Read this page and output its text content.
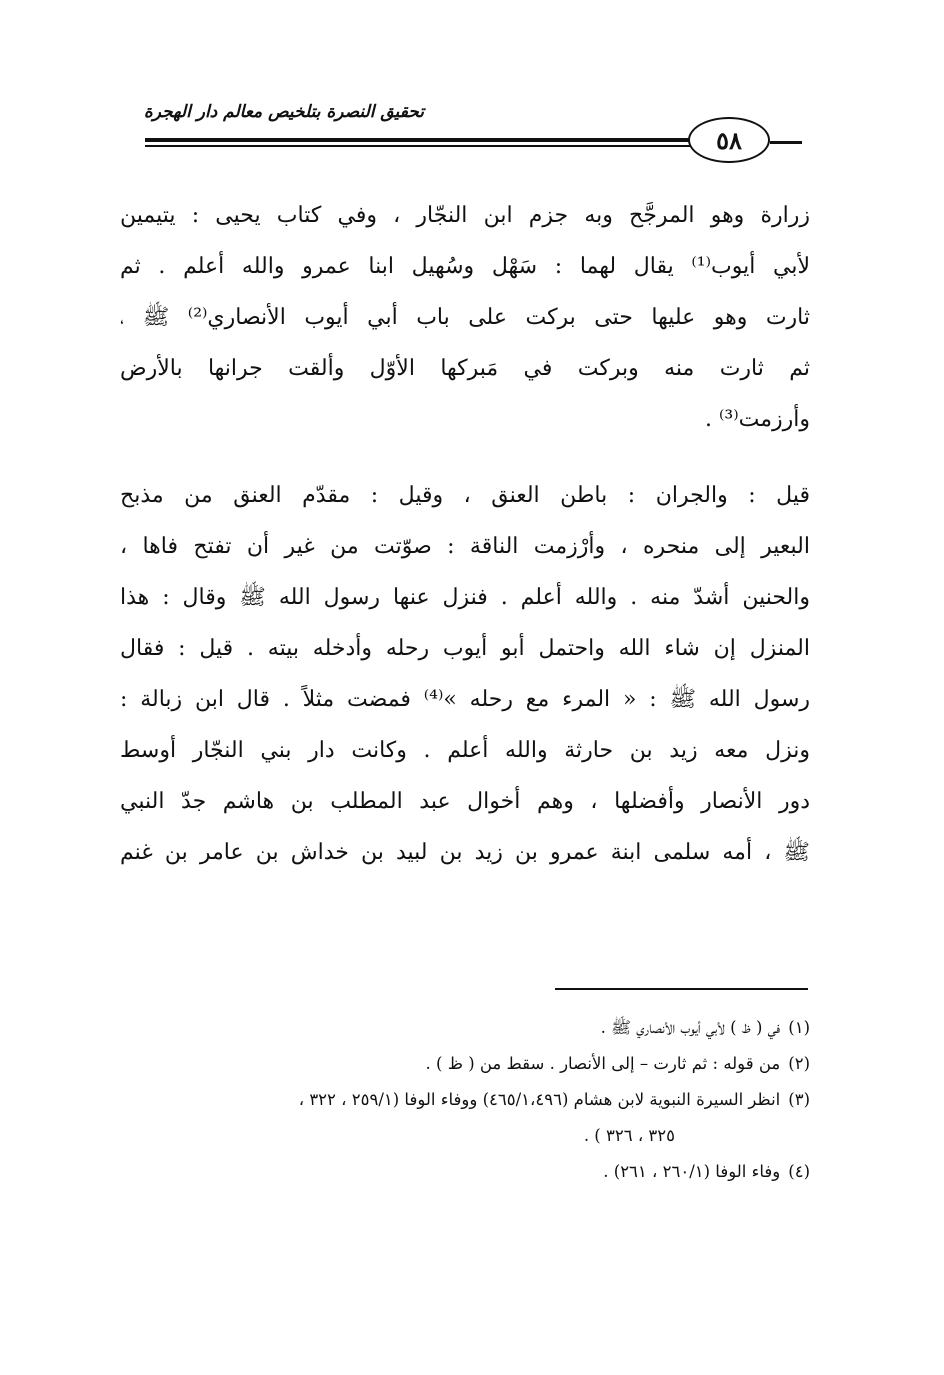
تحقيق النصرة بتلخيص معالم دار الهجرة
٥٨
زرارة وهو المرجَّح وبه جزم ابن النجّار ، وفي كتاب يحيى : يتيمين
لأبي أيوب⁽¹⁾ يقال لهما : سَهْل وسُهيل ابنا عمرو والله أعلم . ثم
ثارت وهو عليها حتى بركت على باب أبي أيوب الأنصاري⁽²⁾ ﷺ ،
ثم ثارت منه وبركت في مَبركها الأوّل وألقت جرانها بالأرض
وأرزمت⁽³⁾ .
قيل : والجران : باطن العنق ، وقيل : مقدّم العنق من مذبح
البعير إلى منحره ، وأرْزمت الناقة : صوّتت من غير أن تفتح فاها ،
والحنين أشدّ منه . والله أعلم . فنزل عنها رسول الله ﷺ وقال : هذا
المنزل إن شاء الله واحتمل أبو أيوب رحله وأدخله بيته . قيل : فقال
رسول الله ﷺ : « المرء مع رحله »⁽⁴⁾ فمضت مثلاً . قال ابن زبالة :
ونزل معه زيد بن حارثة والله أعلم . وكانت دار بني النجّار أوسط
دور الأنصار وأفضلها ، وهم أخوال عبد المطلب بن هاشم جدّ النبي
ﷺ ، أمه سلمى ابنة عمرو بن زيد بن لبيد بن خداش بن عامر بن غنم
(١)في ( ظ ) لأبي أيوب الأنصاري ﷺ .
(٢)من قوله : ثم ثارت – إلى الأنصار . سقط من ( ظ ) .
(٣)انظر السيرة النبوية لابن هشام (٤٦٥/١،٤٩٦) ووفاء الوفا (٢٥٩/١ ، ٣٢٢ ،
٣٢٥ ، ٣٢٦ ) .
(٤)وفاء الوفا (٢٦٠/١ ، ٢٦١) .
